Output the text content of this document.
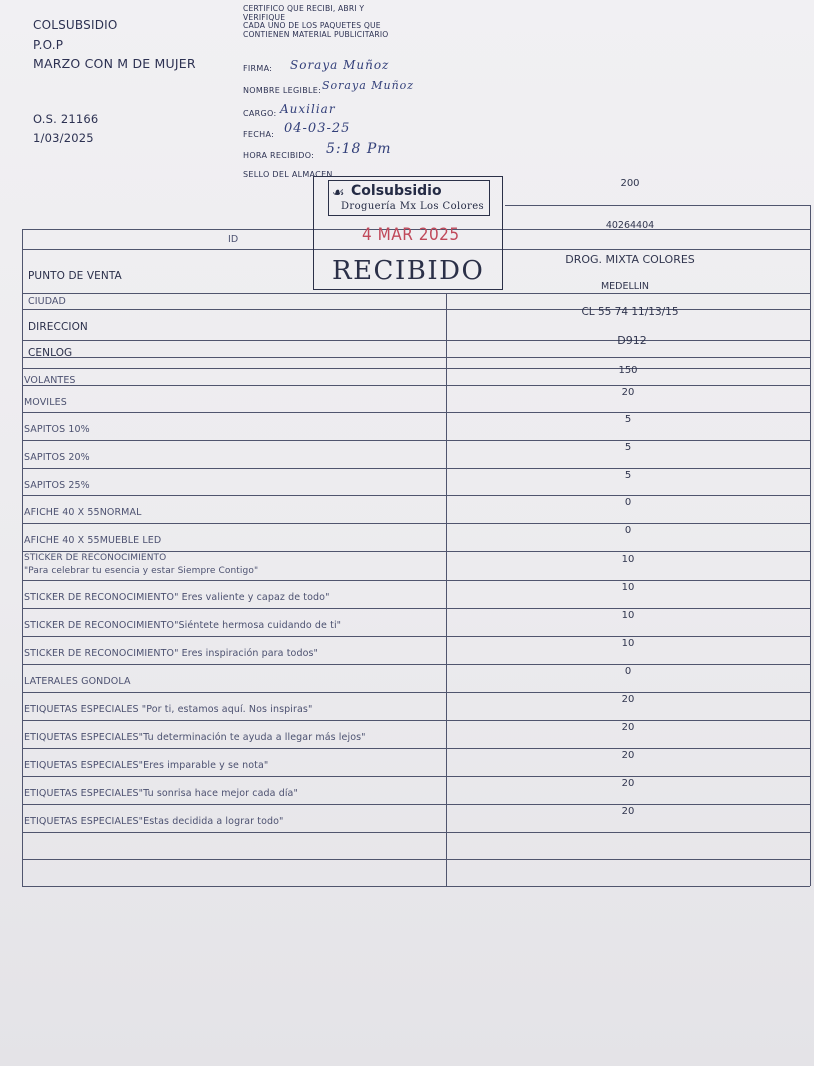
COLSUBSIDIO
P.O.P
MARZO CON M DE MUJER
O.S. 21166
1/03/2025
CERTIFICO QUE RECIBI, ABRI Y
VERIFIQUE
CADA UNO DE LOS PAQUETES QUE
CONTIENEN MATERIAL PUBLICITARIO
FIRMA: Soraya Muñoz
NOMBRE LEGIBLE: Soraya Muñoz
CARGO: Auxiliar
FECHA: 04-03-25
HORA RECIBIDO: 5:18 Pm
SELLO DEL ALMACEN
200
ID
40264404
PUNTO DE VENTA
DROG. MIXTA COLORES
CIUDAD
MEDELLIN
DIRECCION
CL 55 74 11/13/15
CENLOG
D912
VOLANTES
150
MOVILES
20
SAPITOS 10%
5
SAPITOS 20%
5
SAPITOS 25%
5
AFICHE 40 X 55NORMAL
0
AFICHE 40 X 55MUEBLE LED
0
"Para celebrar tu esencia y estar Siempre Contigo"
STICKER DE RECONOCIMIENTO	10
STICKER DE RECONOCIMIENTO" Eres valiente y capaz de todo"
10
STICKER DE RECONOCIMIENTO"Siéntete hermosa cuidando de ti"
10
STICKER DE RECONOCIMIENTO" Eres inspiración para todos"
10
LATERALES GONDOLA
0
ETIQUETAS ESPECIALES "Por ti, estamos aquí. Nos inspiras"
20
ETIQUETAS ESPECIALES"Tu determinación te ayuda a llegar más lejos"
20
ETIQUETAS ESPECIALES"Eres imparable y se nota"
20
ETIQUETAS ESPECIALES"Tu sonrisa hace mejor cada día"
20
ETIQUETAS ESPECIALES"Estas decidida a lograr todo"
20
☙ Colsubsidio
Droguería Mx Los Colores
4 MAR 2025
RECIBIDO
